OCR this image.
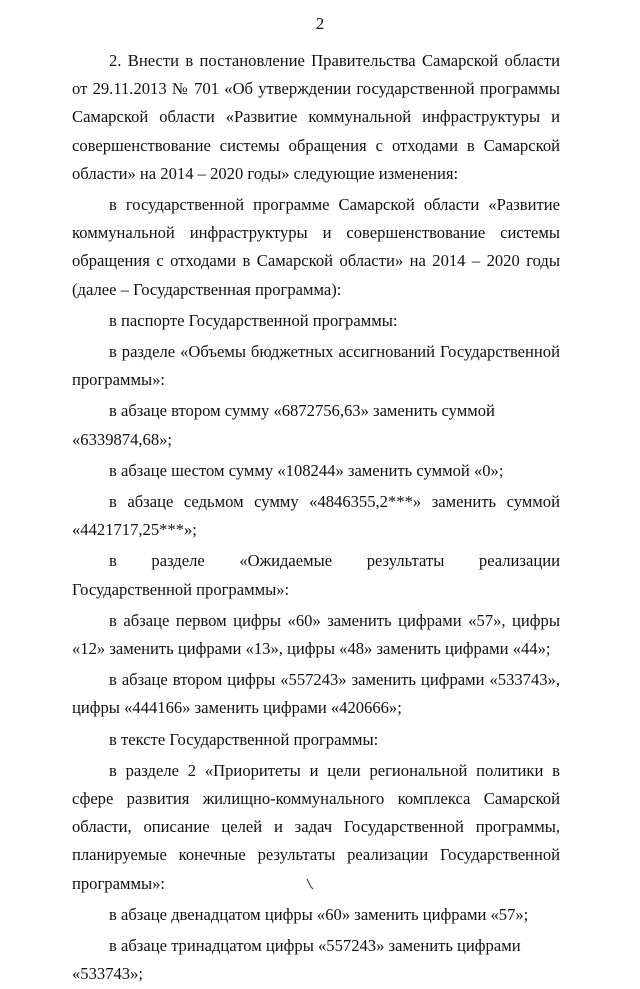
2

2. Внести в постановление Правительства Самарской области от 29.11.2013 № 701 «Об утверждении государственной программы Самарской области «Развитие коммунальной инфраструктуры и совершенствование системы обращения с отходами в Самарской области» на 2014 – 2020 годы» следующие изменения:

в государственной программе Самарской области «Развитие коммунальной инфраструктуры и совершенствование системы обращения с отходами в Самарской области» на 2014 – 2020 годы (далее – Государственная программа):

в паспорте Государственной программы:

в разделе «Объемы бюджетных ассигнований Государственной программы»:

в абзаце втором сумму «6872756,63» заменить суммой «6339874,68»;

в абзаце шестом сумму «108244» заменить суммой «0»;

в абзаце седьмом сумму «4846355,2***» заменить суммой «4421717,25***»;

в разделе «Ожидаемые результаты реализации Государственной программы»:

в абзаце первом цифры «60» заменить цифрами «57», цифры «12» заменить цифрами «13», цифры «48» заменить цифрами «44»;

в абзаце втором цифры «557243» заменить цифрами «533743», цифры «444166» заменить цифрами «420666»;

в тексте Государственной программы:

в разделе 2 «Приоритеты и цели региональной политики в сфере развития жилищно-коммунального комплекса Самарской области, описание целей и задач Государственной программы, планируемые конечные результаты реализации Государственной программы»:

в абзаце двенадцатом цифры «60» заменить цифрами «57»;

в абзаце тринадцатом цифры «557243» заменить цифрами «533743»;
